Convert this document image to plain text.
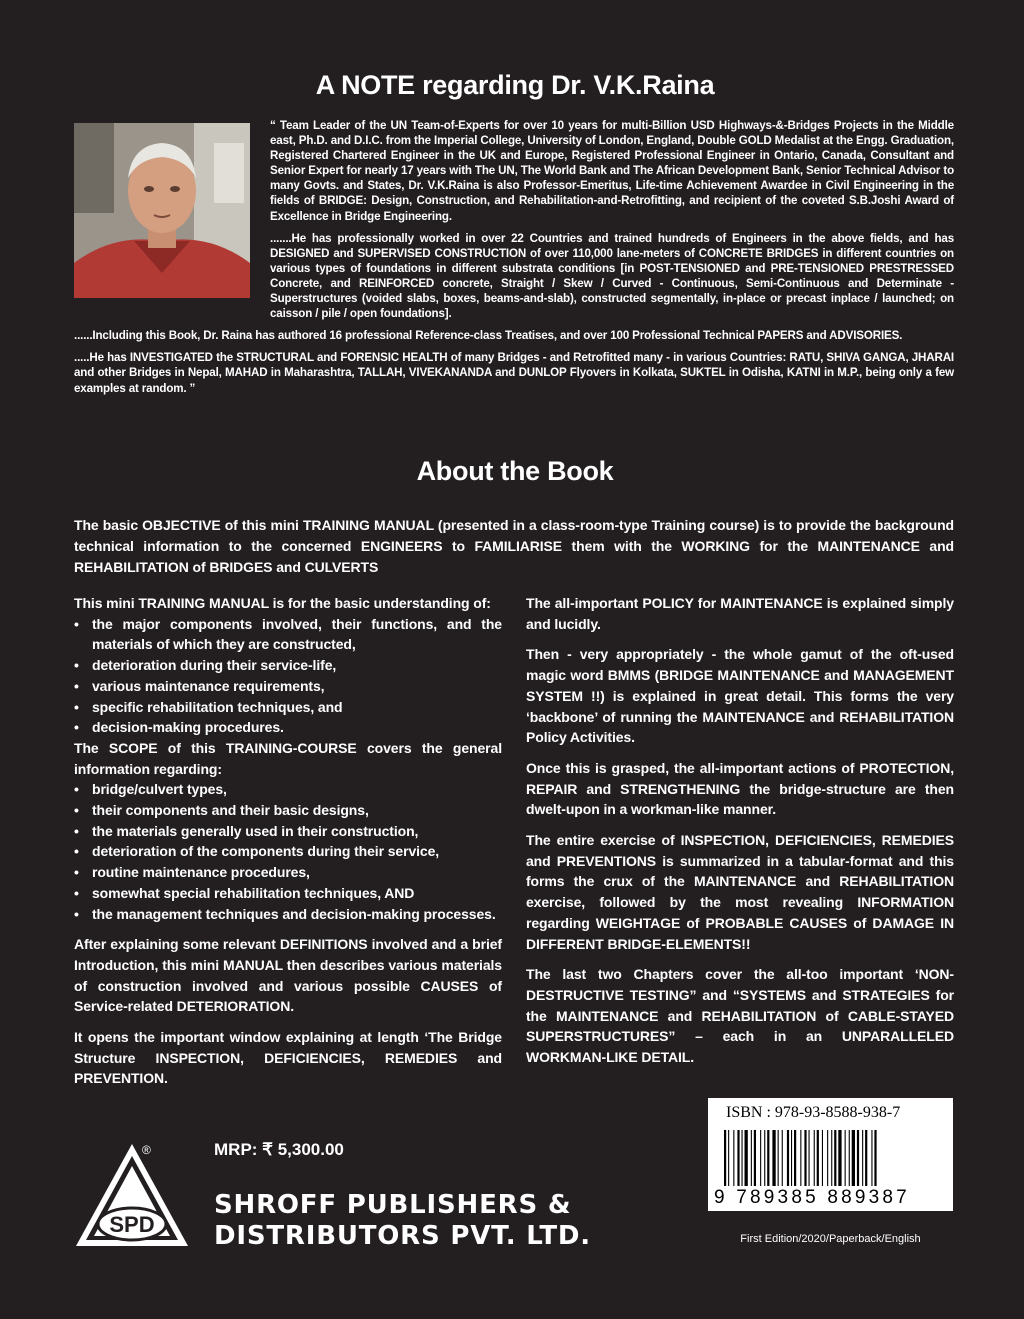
A NOTE regarding Dr. V.K.Raina

“ Team Leader of the UN Team-of-Experts for over 10 years for multi-Billion USD Highways-&-Bridges Projects in the Middle east, Ph.D. and D.I.C. from the Imperial College, University of London, England, Double GOLD Medalist at the Engg. Graduation, Registered Chartered Engineer in the UK and Europe, Registered Professional Engineer in Ontario, Canada, Consultant and Senior Expert for nearly 17 years with The UN, The World Bank and The African Development Bank, Senior Technical Advisor to many Govts. and States, Dr. V.K.Raina is also Professor-Emeritus, Life-time Achievement Awardee in Civil Engineering in the fields of BRIDGE: Design, Construction, and Rehabilitation-and-Retrofitting, and recipient of the coveted S.B.Joshi Award of Excellence in Bridge Engineering.

.......He has professionally worked in over 22 Countries and trained hundreds of Engineers in the above fields, and has DESIGNED and SUPERVISED CONSTRUCTION of over 110,000 lane-meters of CONCRETE BRIDGES in different countries on various types of foundations in different substrata conditions [in POST-TENSIONED and PRE-TENSIONED PRESTRESSED Concrete, and REINFORCED concrete, Straight / Skew / Curved - Continuous, Semi-Continuous and Determinate - Superstructures (voided slabs, boxes, beams-and-slab), constructed segmentally, in-place or precast inplace / launched; on caisson / pile / open foundations].

......Including this Book, Dr. Raina has authored 16 professional Reference-class Treatises, and over 100 Professional Technical PAPERS and ADVISORIES.

.....He has INVESTIGATED the STRUCTURAL and FORENSIC HEALTH of many Bridges - and Retrofitted many - in various Countries: RATU, SHIVA GANGA, JHARAI and other Bridges in Nepal, MAHAD in Maharashtra, TALLAH, VIVEKANANDA and DUNLOP Flyovers in Kolkata, SUKTEL in Odisha, KATNI in M.P., being only a few examples at random. ”

About the Book
The basic OBJECTIVE of this mini TRAINING MANUAL (presented in a class-room-type Training course) is to provide the background technical information to the concerned ENGINEERS to FAMILIARISE them with the WORKING for the MAINTENANCE and REHABILITATION of BRIDGES and CULVERTS

This mini TRAINING MANUAL is for the basic understanding of:

• the major components involved, their functions, and the materials of which they are constructed,
• deterioration during their service-life,
• various maintenance requirements,
• specific rehabilitation techniques, and
• decision-making procedures.

The SCOPE of this TRAINING-COURSE covers the general information regarding:

• bridge/culvert types,
• their components and their basic designs,
• the materials generally used in their construction,
• deterioration of the components during their service,
• routine maintenance procedures,
• somewhat special rehabilitation techniques, AND
• the management techniques and decision-making processes.

After explaining some relevant DEFINITIONS involved and a brief Introduction, this mini MANUAL then describes various materials of construction involved and various possible CAUSES of Service-related DETERIORATION.

It opens the important window explaining at length ‘The Bridge Structure INSPECTION, DEFICIENCIES, REMEDIES and PREVENTION.

The all-important POLICY for MAINTENANCE is explained simply and lucidly.

Then - very appropriately - the whole gamut of the oft-used magic word BMMS (BRIDGE MAINTENANCE and MANAGEMENT SYSTEM !!) is explained in great detail. This forms the very ‘backbone’ of running the MAINTENANCE and REHABILITATION Policy Activities.

Once this is grasped, the all-important actions of PROTECTION, REPAIR and STRENGTHENING the bridge-structure are then dwelt-upon in a workman-like manner.

The entire exercise of INSPECTION, DEFICIENCIES, REMEDIES and PREVENTIONS is summarized in a tabular-format and this forms the crux of the MAINTENANCE and REHABILITATION exercise, followed by the most revealing INFORMATION regarding WEIGHTAGE of PROBABLE CAUSES of DAMAGE IN DIFFERENT BRIDGE-ELEMENTS!!

The last two Chapters cover the all-too important ‘NON-DESTRUCTIVE TESTING” and “SYSTEMS and STRATEGIES for the MAINTENANCE and REHABILITATION of CABLE-STAYED SUPERSTRUCTURES” – each in an UNPARALLELED WORKMAN-LIKE DETAIL.

SPD
®	MRP: ₹ 5,300.00
SHROFF PUBLISHERS &
DISTRIBUTORS PVT. LTD.
ISBN : 978-93-8588-938-7
9 789385 889387
First Edition/2020/Paperback/English
